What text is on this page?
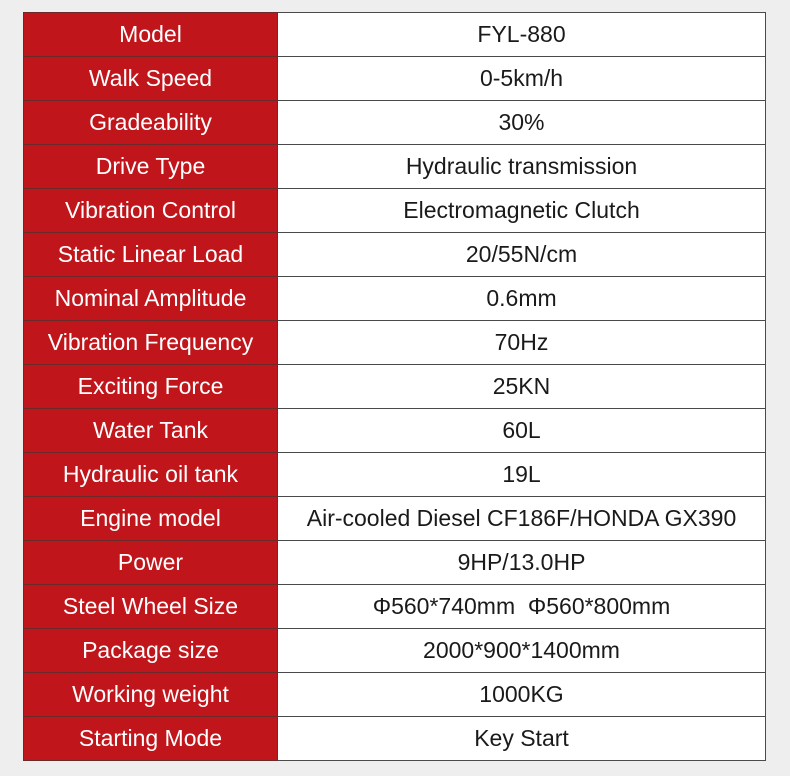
Model	FYL-880
Walk Speed	0-5km/h
Gradeability	30%
Drive Type	Hydraulic transmission
Vibration Control	Electromagnetic Clutch
Static Linear Load	20/55N/cm
Nominal Amplitude	0.6mm
Vibration Frequency	70Hz
Exciting Force	25KN
Water Tank	60L
Hydraulic oil tank	19L
Engine model	Air-cooled Diesel CF186F/HONDA GX390
Power	9HP/13.0HP
Steel Wheel Size	Φ560*740mm  Φ560*800mm
Package size	2000*900*1400mm
Working weight	1000KG
Starting Mode	Key Start
